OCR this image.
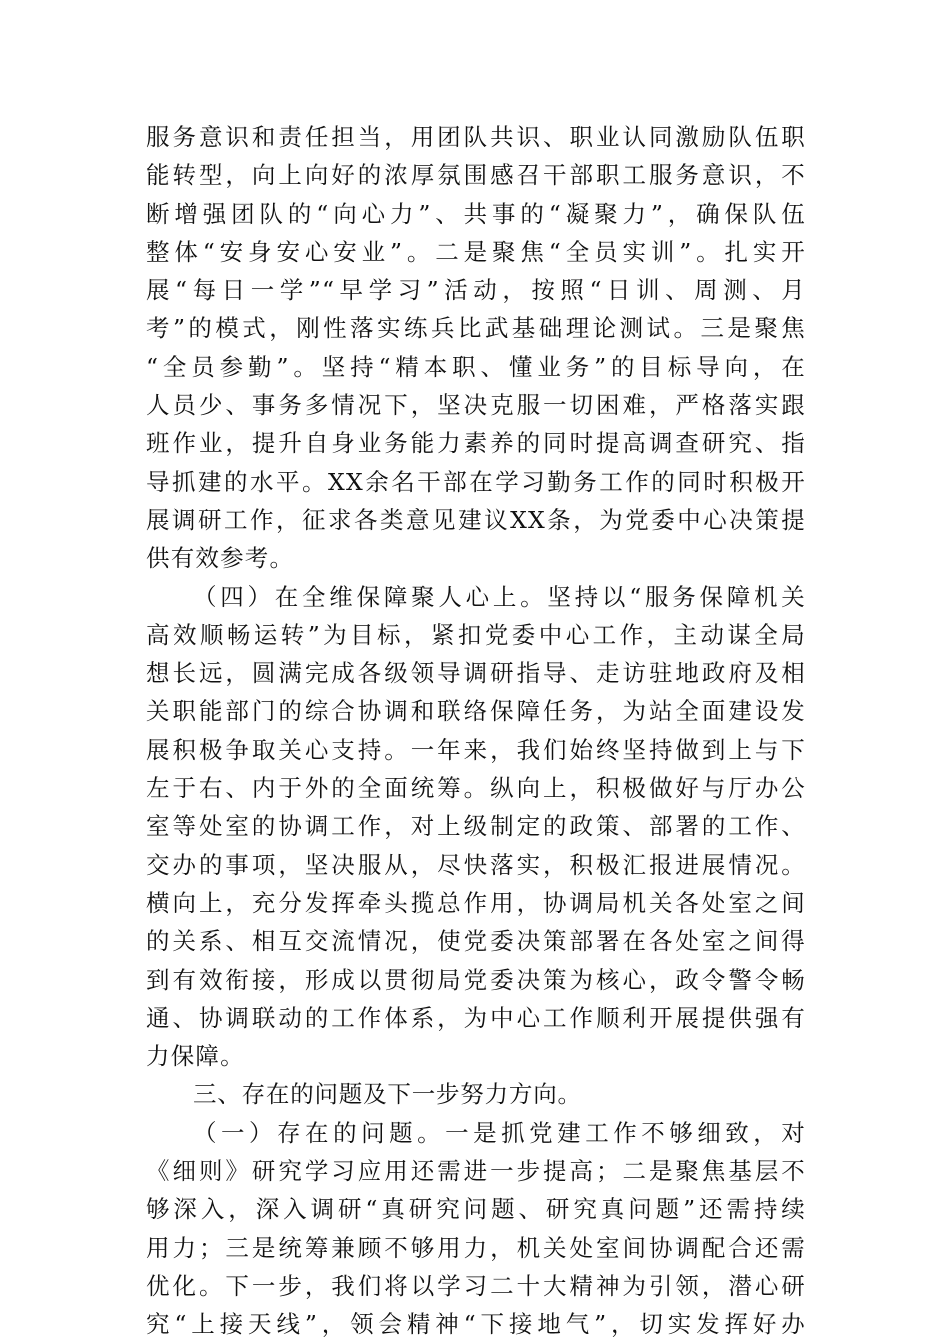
服务意识和责任担当，用团队共识、职业认同激励队伍职
能转型，向上向好的浓厚氛围感召干部职工服务意识，不
断增强团队的“向心力”、共事的“凝聚力”，确保队伍
整体“安身安心安业”。二是聚焦“全员实训”。扎实开
展“每日一学”“早学习”活动，按照“日训、周测、月
考”的模式，刚性落实练兵比武基础理论测试。三是聚焦
“全员参勤”。坚持“精本职、懂业务”的目标导向，在
人员少、事务多情况下，坚决克服一切困难，严格落实跟
班作业，提升自身业务能力素养的同时提高调查研究、指
导抓建的水平。XX余名干部在学习勤务工作的同时积极开
展调研工作，征求各类意见建议XX条，为党委中心决策提
供有效参考。
（四）在全维保障聚人心上。坚持以“服务保障机关
高效顺畅运转”为目标，紧扣党委中心工作，主动谋全局
想长远，圆满完成各级领导调研指导、走访驻地政府及相
关职能部门的综合协调和联络保障任务，为站全面建设发
展积极争取关心支持。一年来，我们始终坚持做到上与下
左于右、内于外的全面统筹。纵向上，积极做好与厅办公
室等处室的协调工作，对上级制定的政策、部署的工作、
交办的事项，坚决服从，尽快落实，积极汇报进展情况。
横向上，充分发挥牵头揽总作用，协调局机关各处室之间
的关系、相互交流情况，使党委决策部署在各处室之间得
到有效衔接，形成以贯彻局党委决策为核心，政令警令畅
通、协调联动的工作体系，为中心工作顺利开展提供强有
力保障。
三、存在的问题及下一步努力方向。
（一）存在的问题。一是抓党建工作不够细致，对
《细则》研究学习应用还需进一步提高；二是聚焦基层不
够深入，深入调研“真研究问题、研究真问题”还需持续
用力；三是统筹兼顾不够用力，机关处室间协调配合还需
优化。下一步，我们将以学习二十大精神为引领，潜心研
究“上接天线”，领会精神“下接地气”，切实发挥好办
